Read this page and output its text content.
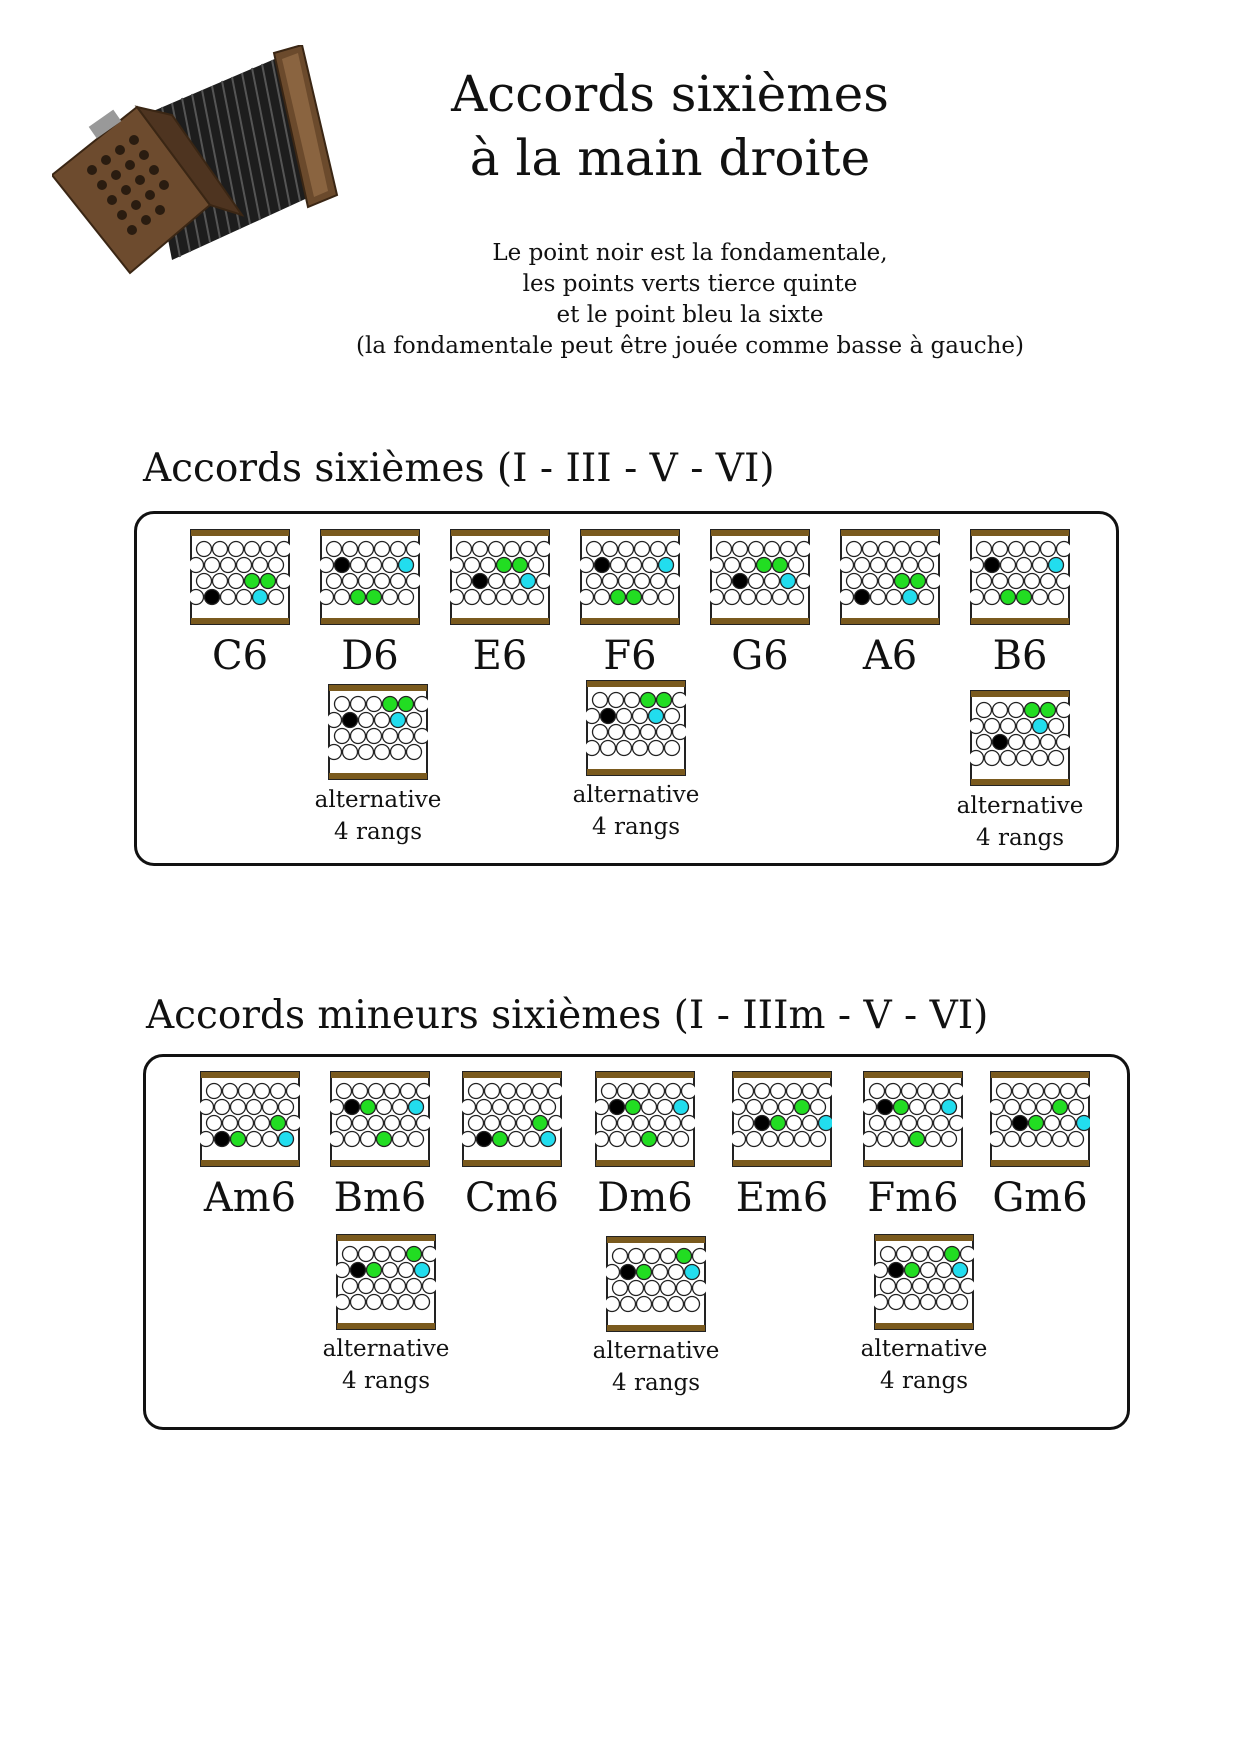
Accords sixièmes
à la main droite
Le point noir est la fondamentale,
les points verts tierce quinte
et le point bleu la sixte
(la fondamentale peut être jouée comme basse à gauche)
Accords sixièmes (I - III - V - VI)
Accords mineurs sixièmes (I - IIIm - V - VI)
C6	D6	E6	F6	G6	A6	B6
alternative
4 rangs
alternative
4 rangs
alternative
4 rangs
Am6 Bm6 Cm6 Dm6	Em6 Fm6 Gm6
alternative
4 rangs
alternative
4 rangs
alternative
4 rangs
